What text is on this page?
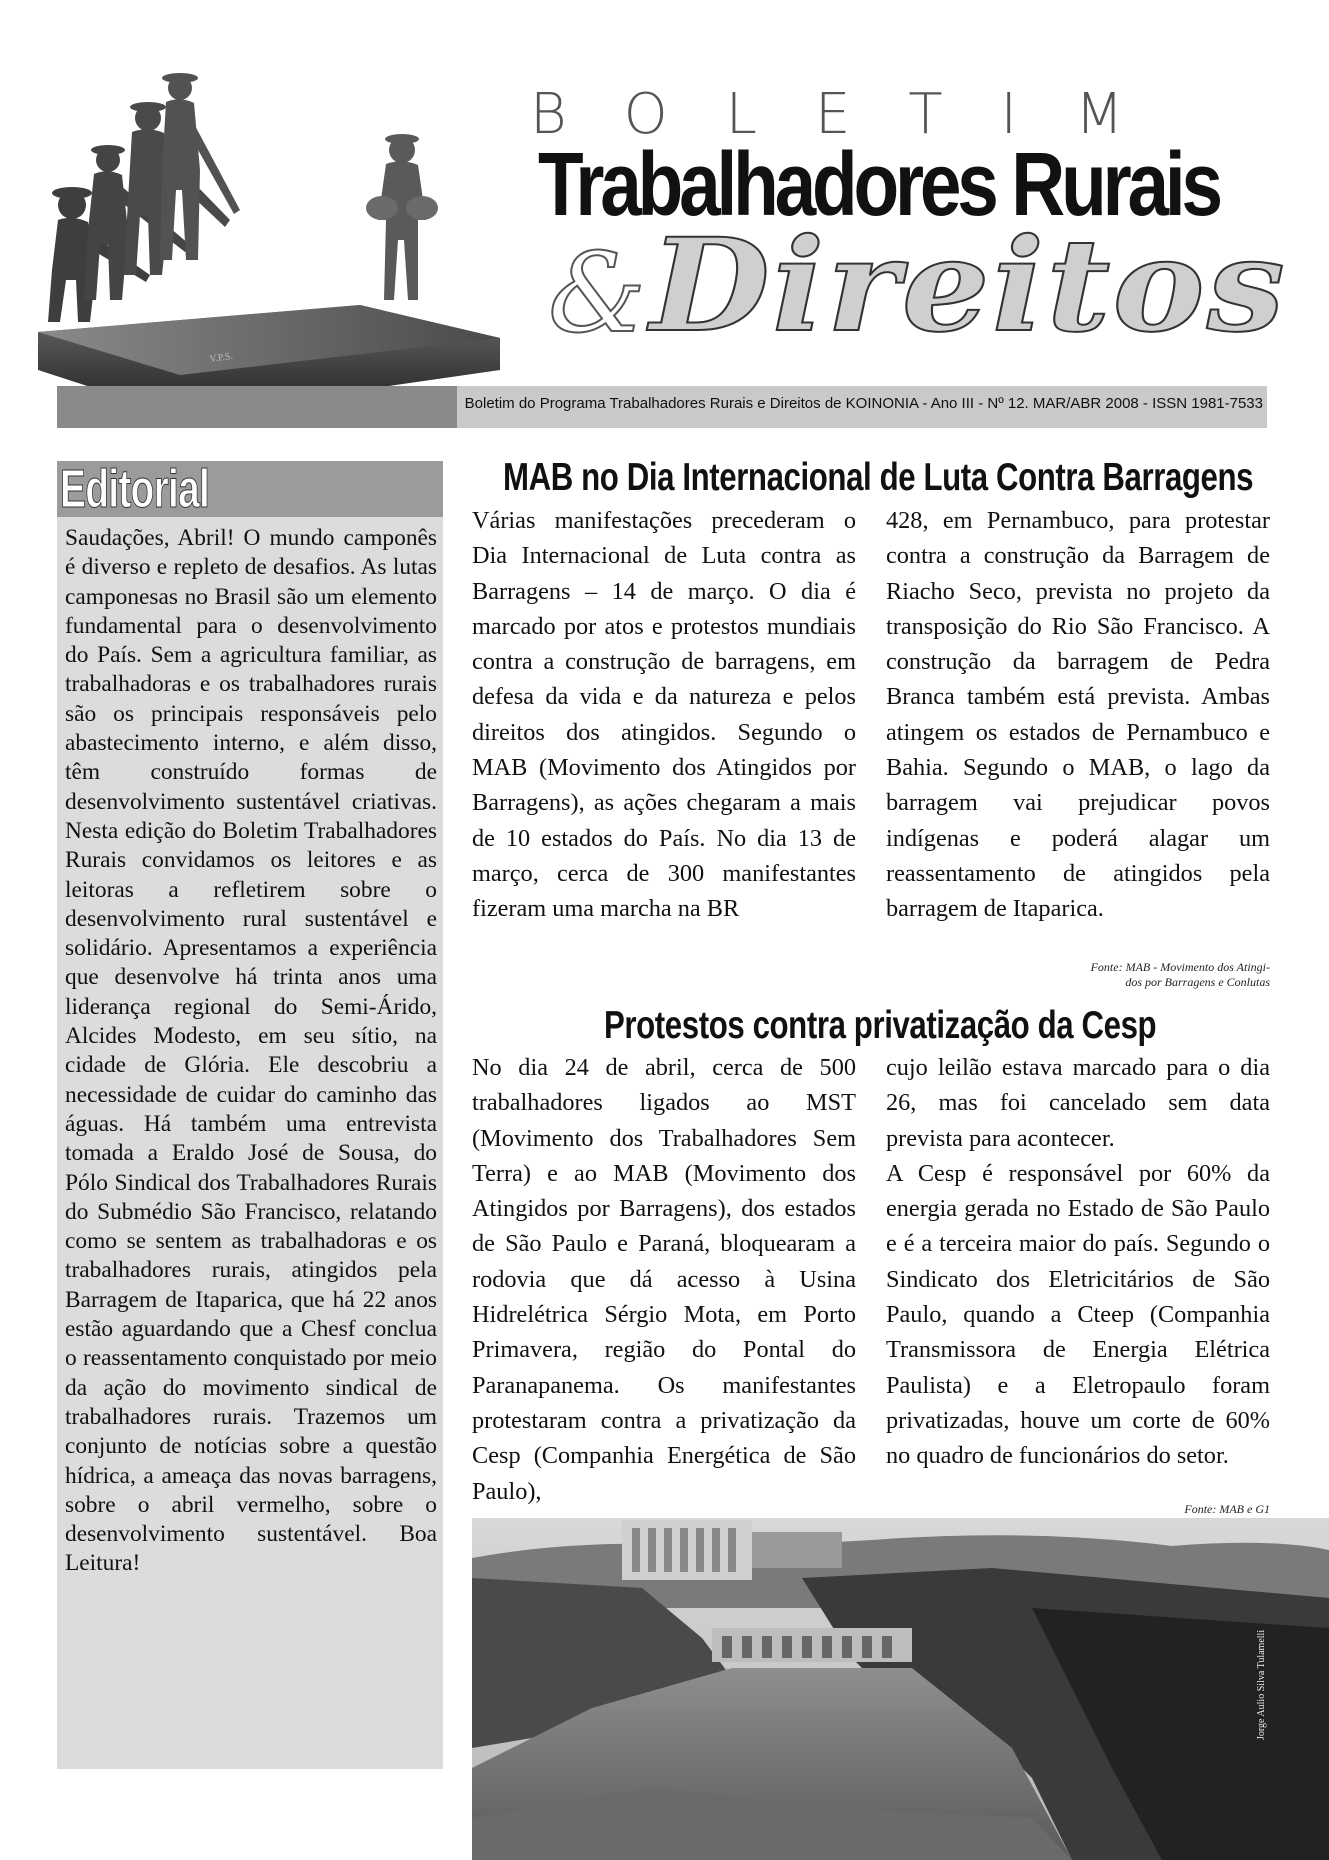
V.P.S.
BOLETIM
Trabalhadores Rurais
& Direitos
Boletim do Programa Trabalhadores Rurais e Direitos de KOINONIA - Ano III - Nº 12. MAR/ABR 2008 - ISSN 1981-7533
Editorial
Saudações, Abril! O mundo camponês é diverso e repleto de desafios. As lutas camponesas no Brasil são um elemento fundamental para o desenvolvimento do País. Sem a agricultura familiar, as trabalhadoras e os trabalhadores rurais são os principais responsáveis pelo abastecimento interno, e além disso, têm construído formas de desenvolvimento sustentável criativas. Nesta edição do Boletim Trabalhadores Rurais convidamos os leitores e as leitoras a refletirem sobre o desenvolvimento rural sustentável e solidário. Apresentamos a experiência que desenvolve há trinta anos uma liderança regional do Semi-Árido, Alcides Modesto, em seu sítio, na cidade de Glória. Ele descobriu a necessidade de cuidar do caminho das águas. Há também uma entrevista tomada a Eraldo José de Sousa, do Pólo Sindical dos Trabalhadores Rurais do Submédio São Francisco, relatando como se sentem as trabalhadoras e os trabalhadores rurais, atingidos pela Barragem de Itaparica, que há 22 anos estão aguardando que a Chesf conclua o reassentamento conquistado por meio da ação do movimento sindical de trabalhadores rurais. Trazemos um conjunto de notícias sobre a questão hídrica, a ameaça das novas barragens, sobre o abril vermelho, sobre o desenvolvimento sustentável. Boa Leitura!
MAB no Dia Internacional de Luta Contra Barragens
Várias manifestações precederam o Dia Internacional de Luta contra as Barragens – 14 de março. O dia é marcado por atos e protestos mundiais contra a construção de barragens, em defesa da vida e da natureza e pelos direitos dos atingidos. Segundo o MAB (Movimento dos Atingidos por Barragens), as ações chegaram a mais de 10 estados do País. No dia 13 de março, cerca de 300 manifestantes fizeram uma marcha na BR
428, em Pernambuco, para protestar contra a construção da Barragem de Riacho Seco, prevista no projeto da transposição do Rio São Francisco. A construção da barragem de Pedra Branca também está prevista. Ambas atingem os estados de Pernambuco e Bahia. Segundo o MAB, o lago da barragem vai prejudicar povos indígenas e poderá alagar um reassentamento de atingidos pela barragem de Itaparica.
Fonte: MAB - Movimento dos Atingi-
dos por Barragens e Conlutas
Protestos contra privatização da Cesp
No dia 24 de abril, cerca de 500 trabalhadores ligados ao MST (Movimento dos Trabalhadores Sem Terra) e ao MAB (Movimento dos Atingidos por Barragens), dos estados de São Paulo e Paraná, bloquearam a rodovia que dá acesso à Usina Hidrelétrica Sérgio Mota, em Porto Primavera, região do Pontal do Paranapanema. Os manifestantes protestaram contra a privatização da Cesp (Companhia Energética de São Paulo),
cujo leilão estava marcado para o dia 26, mas foi cancelado sem data prevista para acontecer.
A Cesp é responsável por 60% da energia gerada no Estado de São Paulo e é a terceira maior do país. Segundo o Sindicato dos Eletricitários de São Paulo, quando a Cteep (Companhia Transmissora de Energia Elétrica Paulista) e a Eletropaulo foram privatizadas, houve um corte de 60% no quadro de funcionários do setor.
Fonte: MAB e G1
Jorge Aulio Silva Tulamelli
